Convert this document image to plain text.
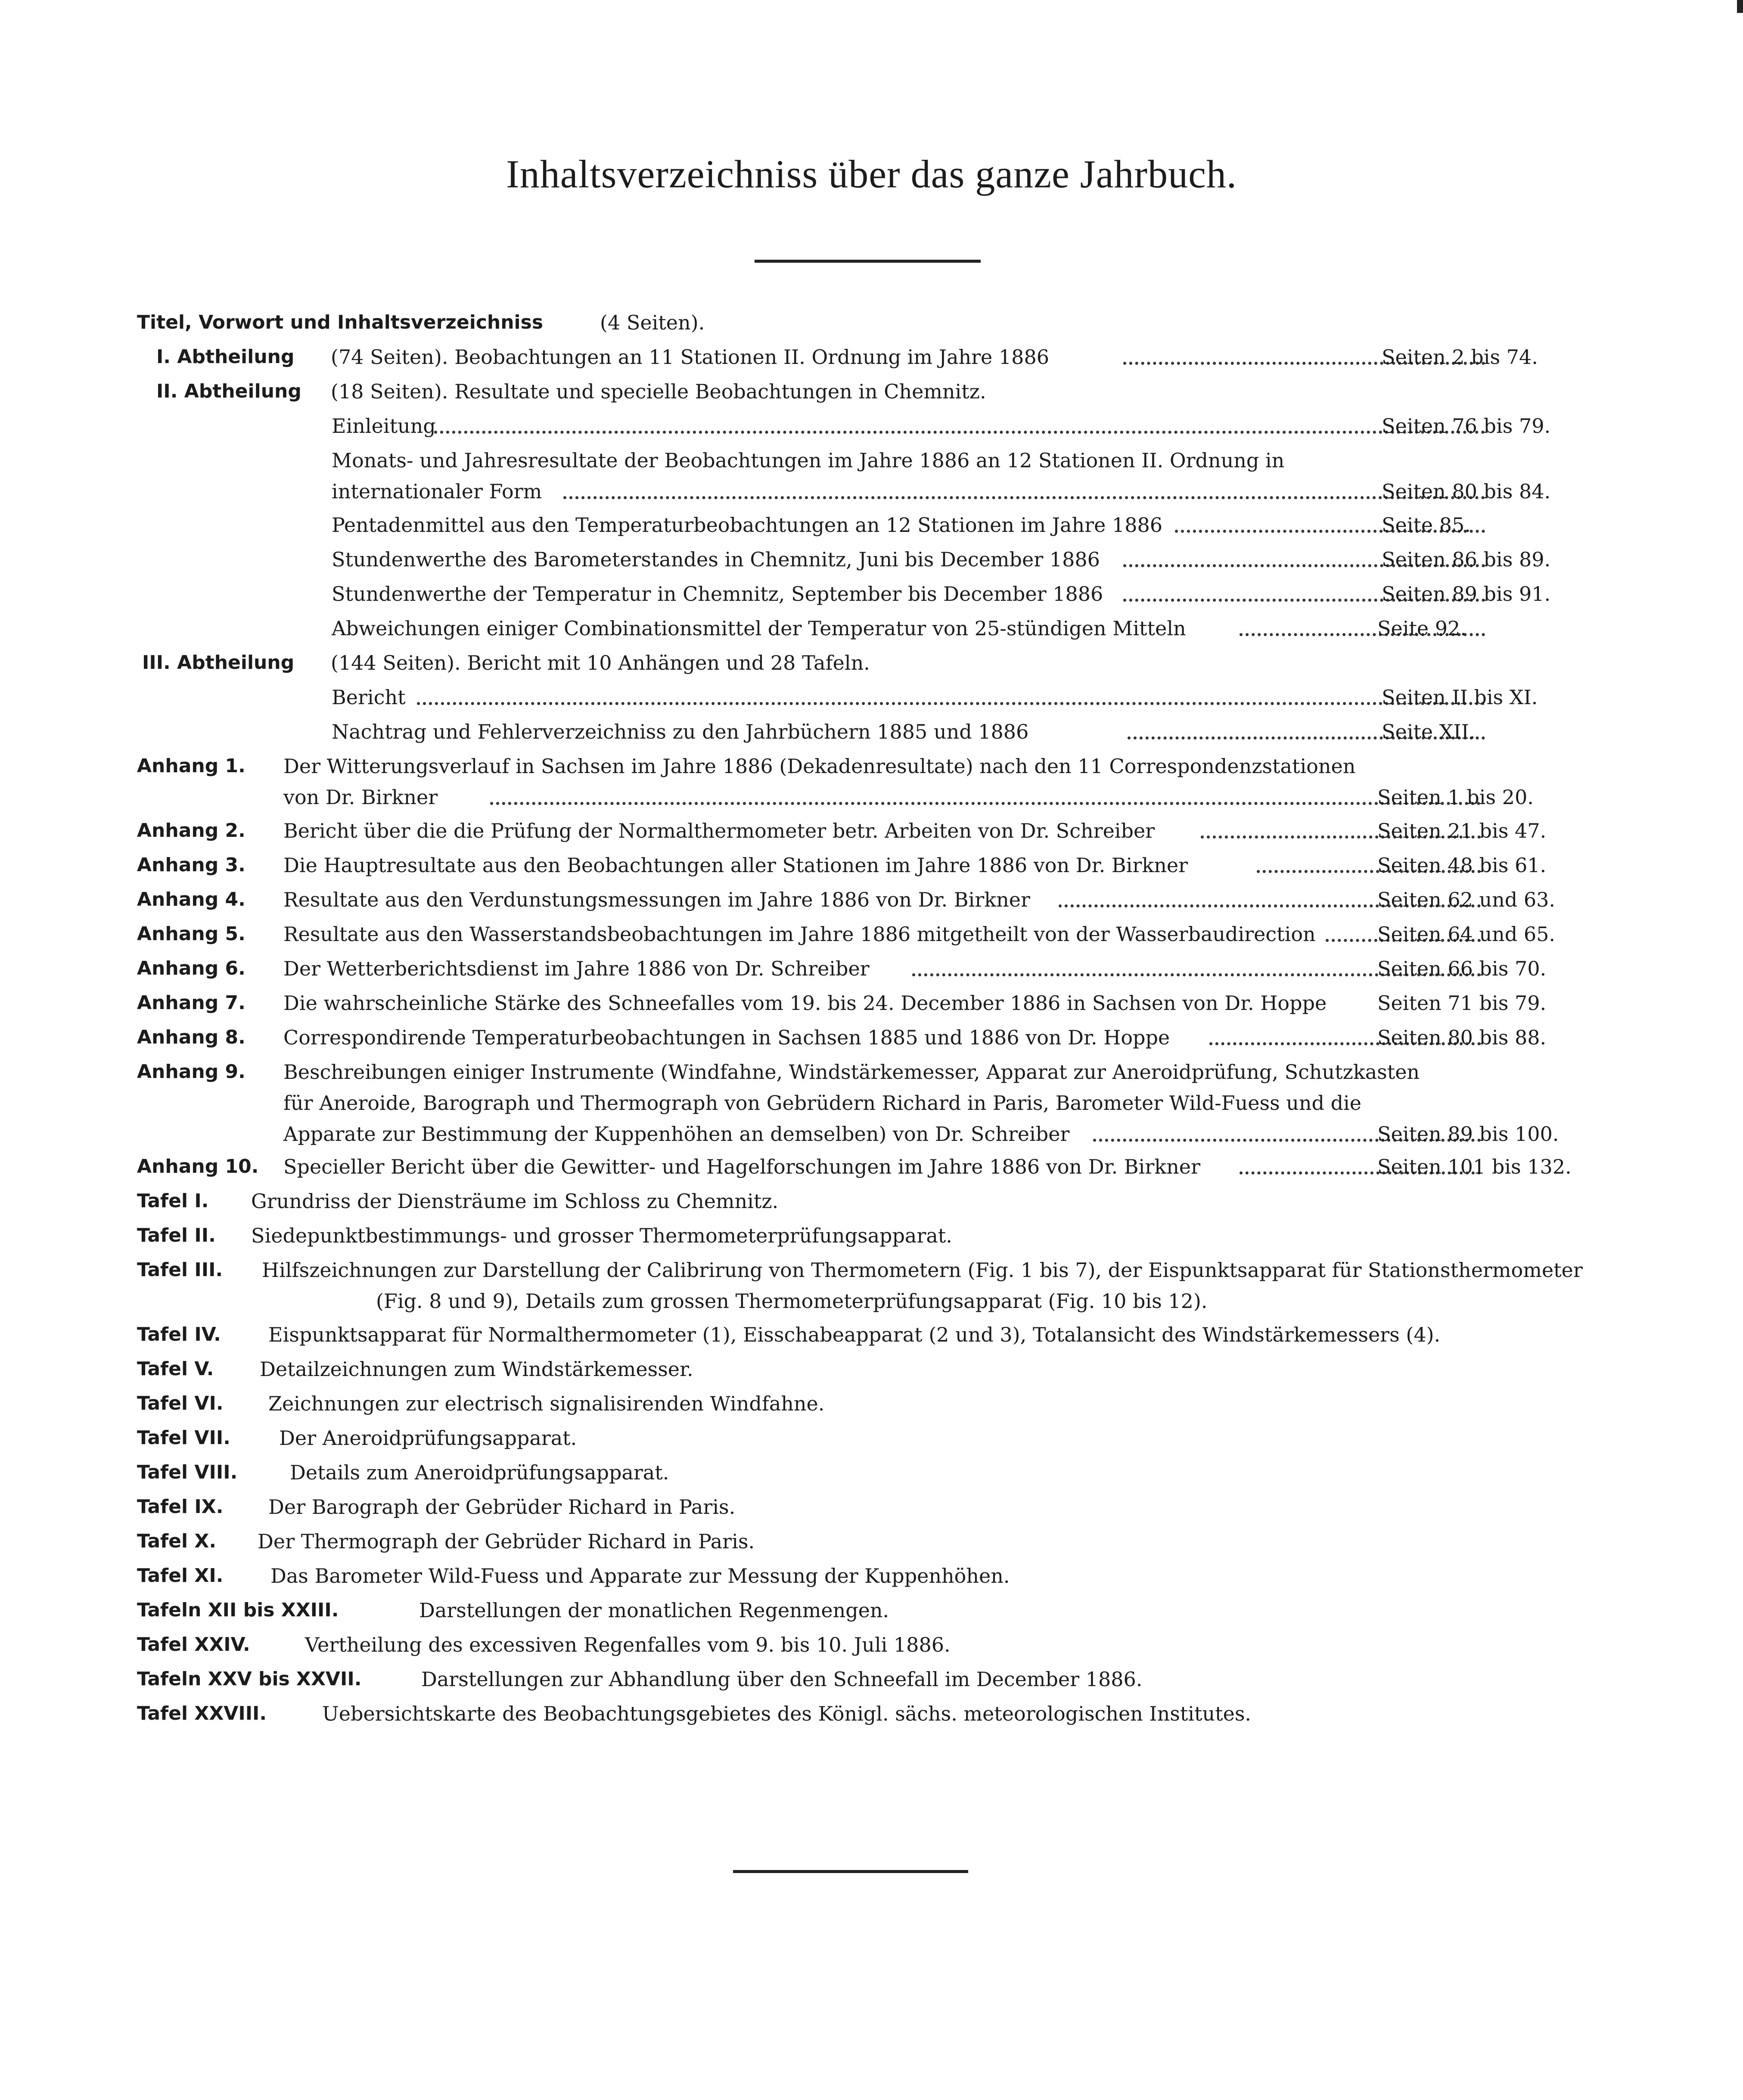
Inhaltsverzeichniss über das ganze Jahrbuch.
Titel, Vorwort und Inhaltsverzeichniss	(4 Seiten).
I. Abtheilung (74 Seiten). Beobachtungen an 11 Stationen II. Ordnung im Jahre 1886	Seiten 2 bis 74.
II. Abtheilung (18 Seiten). Resultate und specielle Beobachtungen in Chemnitz.
Einleitung	Seiten 76 bis 79.
Monats- und Jahresresultate der Beobachtungen im Jahre 1886 an 12 Stationen II. Ordnung in
internationaler Form	Seiten 80 bis 84.
Pentadenmittel aus den Temperaturbeobachtungen an 12 Stationen im Jahre 1886	Seite 85.
Stundenwerthe des Barometerstandes in Chemnitz, Juni bis December 1886	Seiten 86 bis 89.
Stundenwerthe der Temperatur in Chemnitz, September bis December 1886	Seiten 89 bis 91.
Abweichungen einiger Combinationsmittel der Temperatur von 25-stündigen Mitteln	Seite 92.
III. Abtheilung (144 Seiten). Bericht mit 10 Anhängen und 28 Tafeln.
Bericht	Seiten II bis XI.
Nachtrag und Fehlerverzeichniss zu den Jahrbüchern 1885 und 1886	Seite XII.
Anhang 1. Der Witterungsverlauf in Sachsen im Jahre 1886 (Dekadenresultate) nach den 11 Correspondenzstationen
von Dr. Birkner	Seiten 1 bis 20.
Anhang 2. Bericht über die die Prüfung der Normalthermometer betr. Arbeiten von Dr. Schreiber	Seiten 21 bis 47.
Anhang 3. Die Hauptresultate aus den Beobachtungen aller Stationen im Jahre 1886 von Dr. Birkner	Seiten 48 bis 61.
Anhang 4. Resultate aus den Verdunstungsmessungen im Jahre 1886 von Dr. Birkner	Seiten 62 und 63.
Anhang 5. Resultate aus den Wasserstandsbeobachtungen im Jahre 1886 mitgetheilt von der Wasserbaudirection	Seiten 64 und 65.
Anhang 6. Der Wetterberichtsdienst im Jahre 1886 von Dr. Schreiber	Seiten 66 bis 70.
Anhang 7. Die wahrscheinliche Stärke des Schneefalles vom 19. bis 24. December 1886 in Sachsen von Dr. Hoppe	Seiten 71 bis 79.
Anhang 8. Correspondirende Temperaturbeobachtungen in Sachsen 1885 und 1886 von Dr. Hoppe	Seiten 80 bis 88.
Anhang 9. Beschreibungen einiger Instrumente (Windfahne, Windstärkemesser, Apparat zur Aneroidprüfung, Schutzkasten
für Aneroide, Barograph und Thermograph von Gebrüdern Richard in Paris, Barometer Wild-Fuess und die
Apparate zur Bestimmung der Kuppenhöhen an demselben) von Dr. Schreiber	Seiten 89 bis 100.
Anhang 10. Specieller Bericht über die Gewitter- und Hagelforschungen im Jahre 1886 von Dr. Birkner	Seiten 101 bis 132.
Tafel I. Grundriss der Diensträume im Schloss zu Chemnitz.
Tafel II. Siedepunktbestimmungs- und grosser Thermometerprüfungsapparat.
Tafel III. Hilfszeichnungen zur Darstellung der Calibrirung von Thermometern (Fig. 1 bis 7), der Eispunktsapparat für Stationsthermometer
(Fig. 8 und 9), Details zum grossen Thermometerprüfungsapparat (Fig. 10 bis 12).
Tafel IV. Eispunktsapparat für Normalthermometer (1), Eisschabeapparat (2 und 3), Totalansicht des Windstärkemessers (4).
Tafel V. Detailzeichnungen zum Windstärkemesser.
Tafel VI. Zeichnungen zur electrisch signalisirenden Windfahne.
Tafel VII. Der Aneroidprüfungsapparat.
Tafel VIII.	Details zum Aneroidprüfungsapparat.
Tafel IX. Der Barograph der Gebrüder Richard in Paris.
Tafel X. Der Thermograph der Gebrüder Richard in Paris.
Tafel XI. Das Barometer Wild-Fuess und Apparate zur Messung der Kuppenhöhen.
Tafeln XII bis XXIII.	Darstellungen der monatlichen Regenmengen.
Tafel XXIV.	Vertheilung des excessiven Regenfalles vom 9. bis 10. Juli 1886.
Tafeln XXV bis XXVII.	Darstellungen zur Abhandlung über den Schneefall im December 1886.
Tafel XXVIII.	Uebersichtskarte des Beobachtungsgebietes des Königl. sächs. meteorologischen Institutes.
